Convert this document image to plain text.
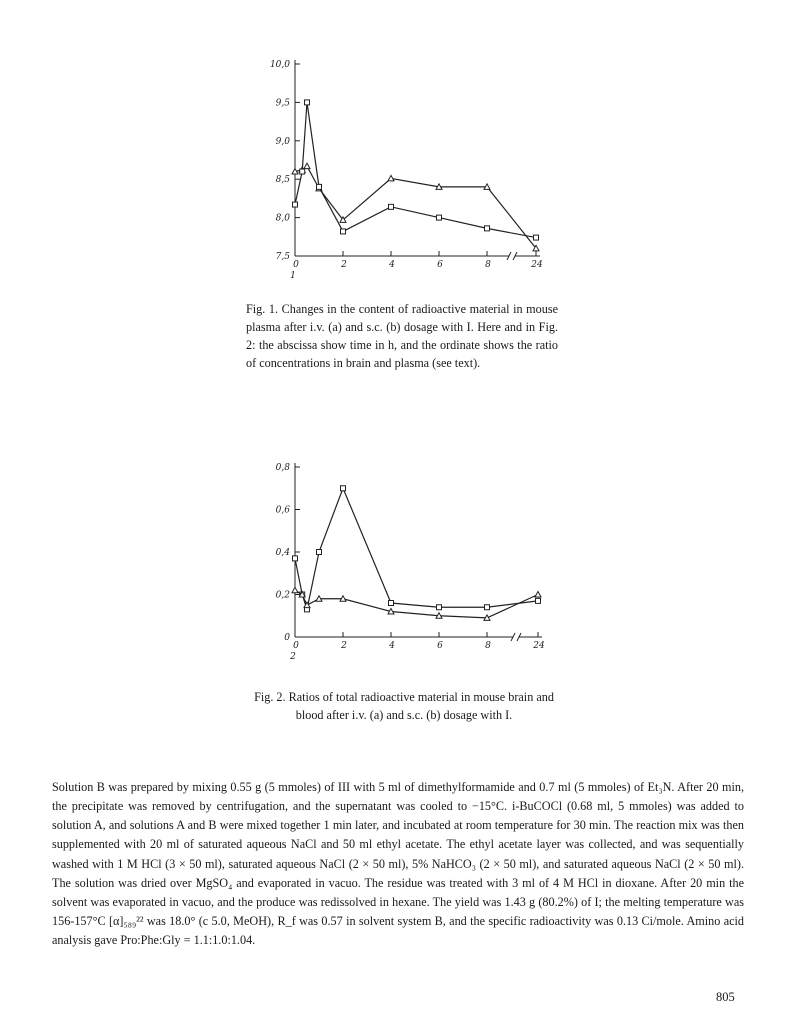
7,5
8,0
8,5
9,0
9,5
10,0
0	2	4	6	8	24
1

Fig. 1. Changes in the content of radioactive material in mouse plasma after i.v. (a) and s.c. (b) dosage with I. Here and in Fig. 2: the abscissa show time in h, and the ordinate shows the ratio of concentrations in brain and plasma (see text).

0
0,2
0,4
0,6
0,8
0	2	4	6	8	24
2

Fig. 2. Ratios of total radioactive material in mouse brain and blood after i.v. (a) and s.c. (b) dosage with I.

Solution B was prepared by mixing 0.55 g (5 mmoles) of III with 5 ml of dimethylformamide and 0.7 ml (5 mmoles) of Et₃N. After 20 min, the precipitate was removed by centrifugation, and the supernatant was cooled to −15°C. i-BuCOCl (0.68 ml, 5 mmoles) was added to solution A, and solutions A and B were mixed together 1 min later, and incubated at room temperature for 30 min. The reaction mix was then supplemented with 20 ml of saturated aqueous NaCl and 50 ml ethyl acetate. The ethyl acetate layer was collected, and was sequentially washed with 1 M HCl (3 × 50 ml), saturated aqueous NaCl (2 × 50 ml), 5% NaHCO₃ (2 × 50 ml), and saturated aqueous NaCl (2 × 50 ml). The solution was dried over MgSO₄ and evaporated in vacuo. The residue was treated with 3 ml of 4 M HCl in dioxane. After 20 min the solvent was evaporated in vacuo, and the produce was redissolved in hexane. The yield was 1.43 g (80.2%) of I; the melting temperature was 156-157°C [α]₅₈₉²² was 18.0° (c 5.0, MeOH), R_f was 0.57 in solvent system B, and the specific radioactivity was 0.13 Ci/mole. Amino acid analysis gave Pro:Phe:Gly = 1.1:1.0:1.04.

805
